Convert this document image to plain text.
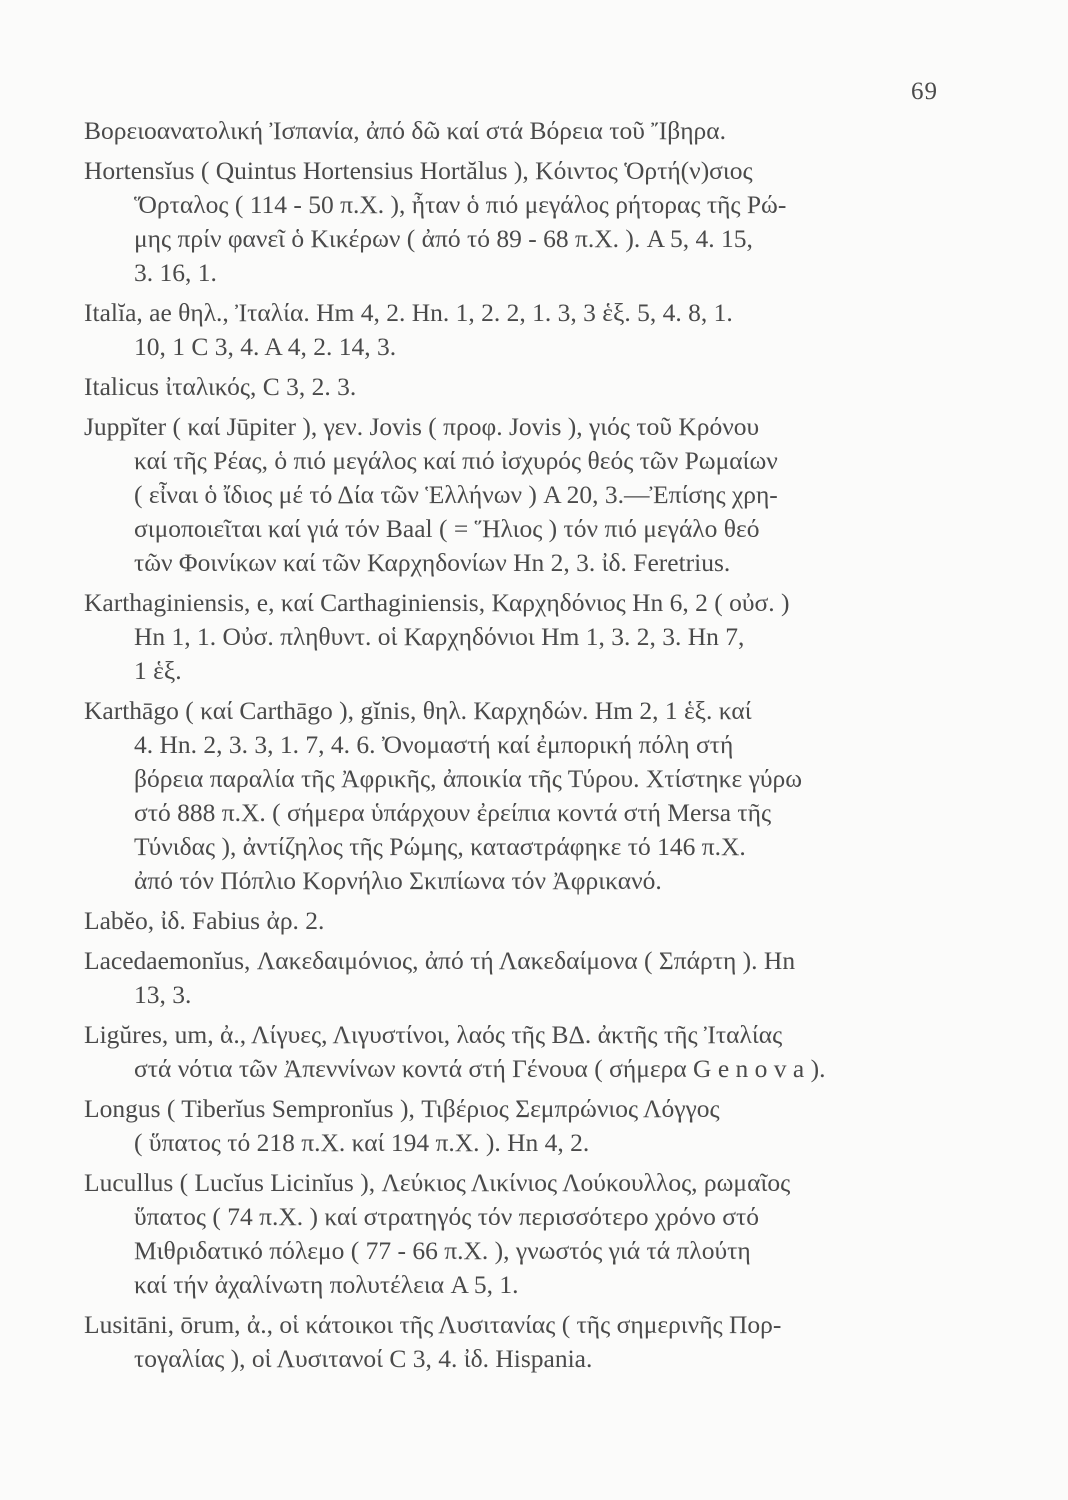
69
Βορειοανατολική Ἰσπανία, ἀπό δῶ καί στά Βόρεια τοῦ Ἴβηρα.
Hortensĭus ( Quintus Hortensius Hortălus ), Κόιντος Ὁρτή(ν)σιος
Ὅρταλος ( 114 - 50 π.Χ. ), ἦταν ὁ πιό μεγάλος ρήτορας τῆς Ρώ-
μης πρίν φανεῖ ὁ Κικέρων ( ἀπό τό 89 - 68 π.Χ. ). A 5, 4. 15,
3. 16, 1.
Italĭa, ae θηλ., Ἰταλία. Hm 4, 2. Hn. 1, 2. 2, 1. 3, 3 ἑξ. 5, 4. 8, 1.
10, 1 C 3, 4. A 4, 2. 14, 3.
Italicus ἰταλικός, C 3, 2. 3.
Juppĭter ( καί Jūpiter ), γεν. Jovis ( προφ. Jovis ), γιός τοῦ Κρόνου
καί τῆς Ρέας, ὁ πιό μεγάλος καί πιό ἰσχυρός θεός τῶν Ρωμαίων
( εἶναι ὁ ἴδιος μέ τό Δία τῶν Ἑλλήνων ) A 20, 3.—Ἐπίσης χρη-
σιμοποιεῖται καί γιά τόν Baal ( = Ἥλιος ) τόν πιό μεγάλο θεό
τῶν Φοινίκων καί τῶν Καρχηδονίων Hn 2, 3. ἰδ. Feretrius.
Karthaginiensis, e, καί Carthaginiensis, Καρχηδόνιος Hn 6, 2 ( οὐσ. )
Hn 1, 1. Οὐσ. πληθυντ. οἱ Καρχηδόνιοι Hm 1, 3. 2, 3. Hn 7,
1 ἑξ.
Karthāgo ( καί Carthāgo ), gĭnis, θηλ. Καρχηδών. Hm 2, 1 ἑξ. καί
4. Hn. 2, 3. 3, 1. 7, 4. 6. Ὀνομαστή καί ἐμπορική πόλη στή
βόρεια παραλία τῆς Ἀφρικῆς, ἀποικία τῆς Τύρου. Χτίστηκε γύρω
στό 888 π.Χ. ( σήμερα ὑπάρχουν ἐρείπια κοντά στή Mersa τῆς
Τύνιδας ), ἀντίζηλος τῆς Ρώμης, καταστράφηκε τό 146 π.Χ.
ἀπό τόν Πόπλιο Κορνήλιο Σκιπίωνα τόν Ἀφρικανό.
Labĕo, ἰδ. Fabius ἀρ. 2.
Lacedaemonĭus, Λακεδαιμόνιος, ἀπό τή Λακεδαίμονα ( Σπάρτη ). Hn
13, 3.
Ligŭres, um, ἀ., Λίγυες, Λιγυστίνοι, λαός τῆς ΒΔ. ἀκτῆς τῆς Ἰταλίας
στά νότια τῶν Ἀπεννίνων κοντά στή Γένουα ( σήμερα G e n o v a ).
Longus ( Tiberĭus Sempronĭus ), Τιβέριος Σεμπρώνιος Λόγγος
( ὕπατος τό 218 π.Χ. καί 194 π.Χ. ). Hn 4, 2.
Lucullus ( Lucĭus Licinĭus ), Λεύκιος Λικίνιος Λούκουλλος, ρωμαῖος
ὕπατος ( 74 π.Χ. ) καί στρατηγός τόν περισσότερο χρόνο στό
Μιθριδατικό πόλεμο ( 77 - 66 π.Χ. ), γνωστός γιά τά πλούτη
καί τήν ἀχαλίνωτη πολυτέλεια A 5, 1.
Lusitāni, ōrum, ἀ., οἱ κάτοικοι τῆς Λυσιτανίας ( τῆς σημερινῆς Πορ-
τογαλίας ), οἱ Λυσιτανοί C 3, 4. ἰδ. Hispania.
